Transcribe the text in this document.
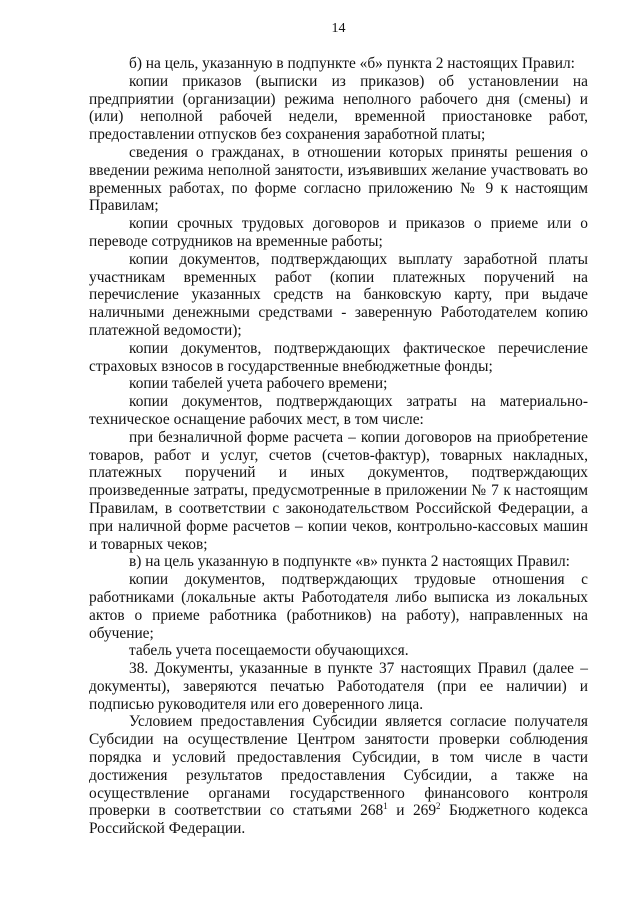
14

б) на цель, указанную в подпункте «б» пункта 2 настоящих Правил:

копии приказов (выписки из приказов) об установлении на предприятии (организации) режима неполного рабочего дня (смены) и (или) неполной рабочей недели, временной приостановке работ, предоставлении отпусков без сохранения заработной платы;

сведения о гражданах, в отношении которых приняты решения о введении режима неполной занятости, изъявивших желание участвовать во временных работах, по форме согласно приложению № 9 к настоящим Правилам;

копии срочных трудовых договоров и приказов о приеме или о переводе сотрудников на временные работы;

копии документов, подтверждающих выплату заработной платы участникам временных работ (копии платежных поручений на перечисление указанных средств на банковскую карту, при выдаче наличными денежными средствами - заверенную Работодателем копию платежной ведомости);

копии документов, подтверждающих фактическое перечисление страховых взносов в государственные внебюджетные фонды;

копии табелей учета рабочего времени;

копии документов, подтверждающих затраты на материально-техническое оснащение рабочих мест, в том числе:

при безналичной форме расчета – копии договоров на приобретение товаров, работ и услуг, счетов (счетов-фактур), товарных накладных, платежных поручений и иных документов, подтверждающих произведенные затраты, предусмотренные в приложении № 7 к настоящим Правилам, в соответствии с законодательством Российской Федерации, а при наличной форме расчетов – копии чеков, контрольно-кассовых машин и товарных чеков;

в) на цель указанную в подпункте «в» пункта 2 настоящих Правил:

копии документов, подтверждающих трудовые отношения с работниками (локальные акты Работодателя либо выписка из локальных актов о приеме работника (работников) на работу), направленных на обучение;

табель учета посещаемости обучающихся.

38. Документы, указанные в пункте 37 настоящих Правил (далее – документы), заверяются печатью Работодателя (при ее наличии) и подписью руководителя или его доверенного лица.

Условием предоставления Субсидии является согласие получателя Субсидии на осуществление Центром занятости проверки соблюдения порядка и условий предоставления Субсидии, в том числе в части достижения результатов предоставления Субсидии, а также на осуществление органами государственного финансового контроля проверки в соответствии со статьями $268^1$ и $269^2$ Бюджетного кодекса Российской Федерации.
